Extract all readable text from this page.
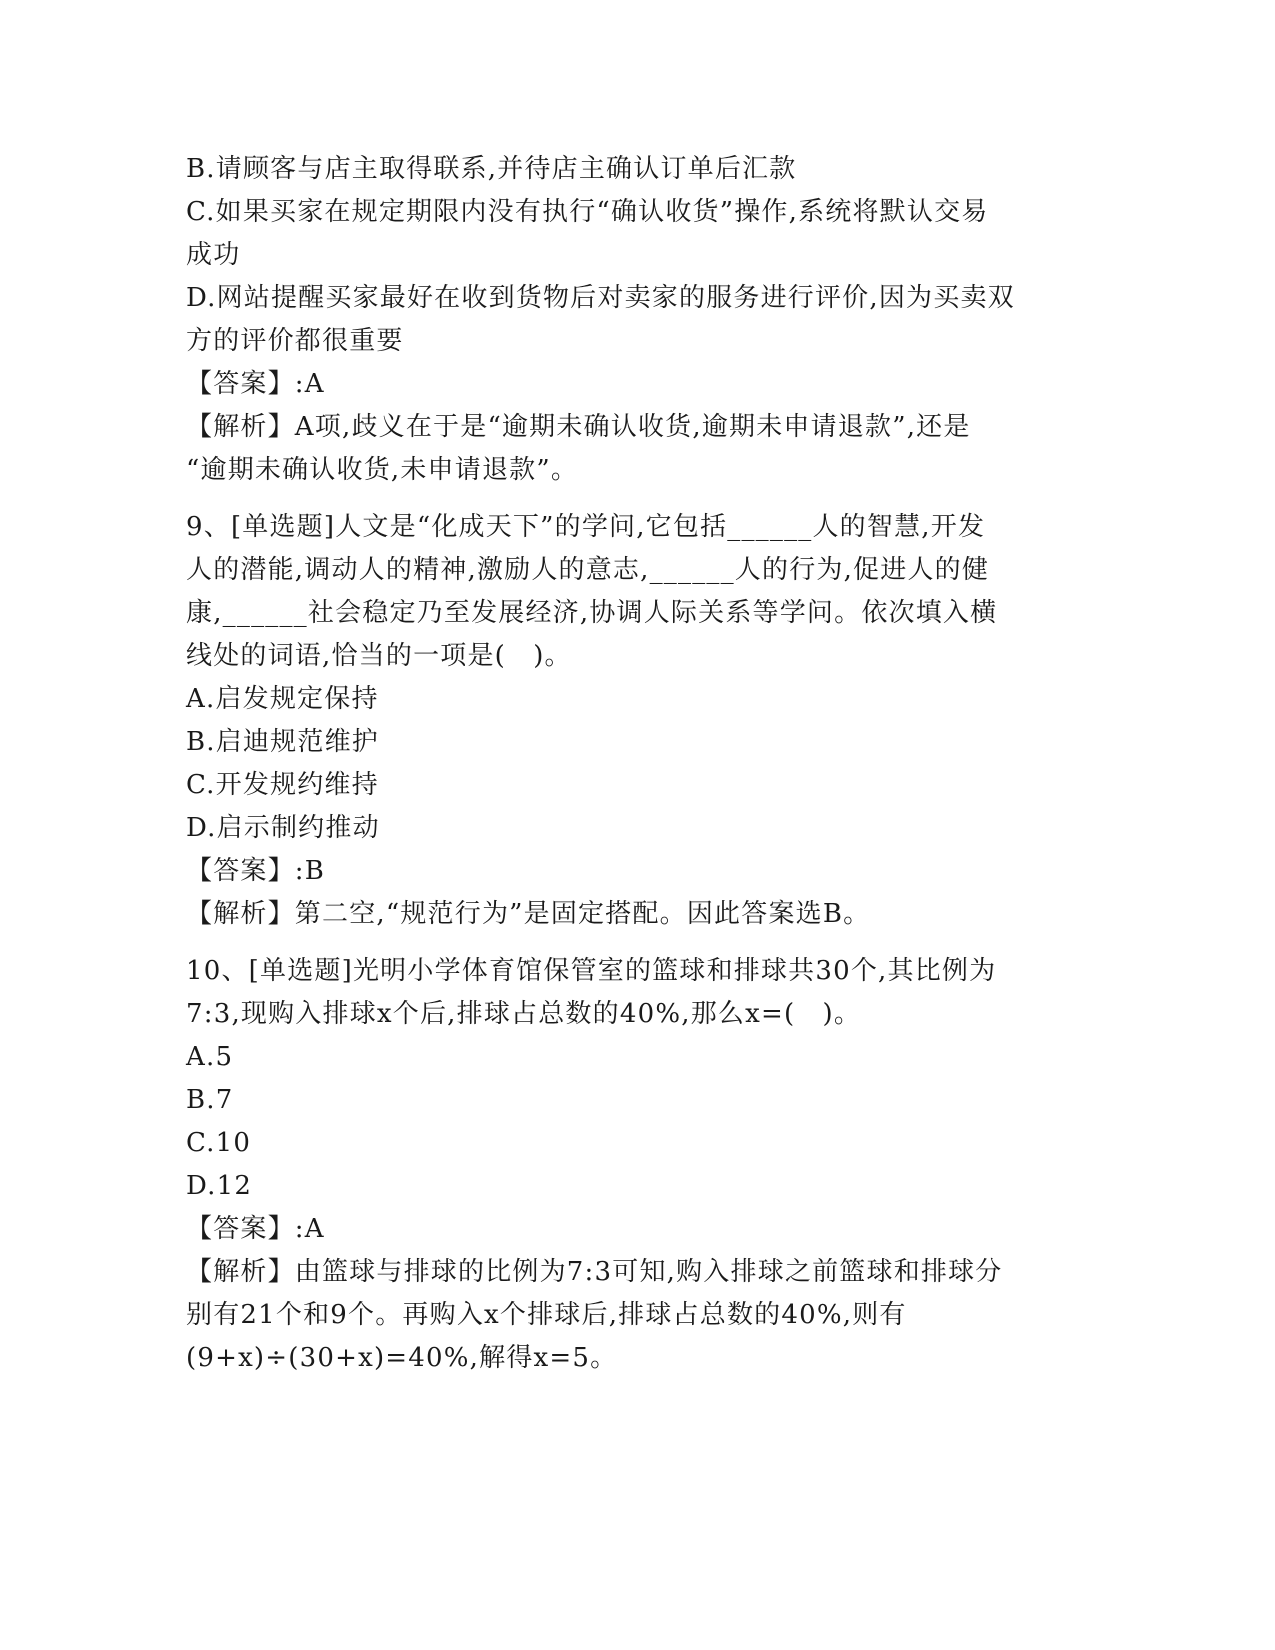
B.请顾客与店主取得联系,并待店主确认订单后汇款
C.如果买家在规定期限内没有执行“确认收货”操作,系统将默认交易
成功
D.网站提醒买家最好在收到货物后对卖家的服务进行评价,因为买卖双
方的评价都很重要
【答案】:A
【解析】A项,歧义在于是“逾期未确认收货,逾期未申请退款”,还是
“逾期未确认收货,未申请退款”。
9、[单选题]人文是“化成天下”的学问,它包括______人的智慧,开发
人的潜能,调动人的精神,激励人的意志,______人的行为,促进人的健
康,______社会稳定乃至发展经济,协调人际关系等学问。依次填入横
线处的词语,恰当的一项是(　)。
A.启发规定保持
B.启迪规范维护
C.开发规约维持
D.启示制约推动
【答案】:B
【解析】第二空,“规范行为”是固定搭配。因此答案选B。
10、[单选题]光明小学体育馆保管室的篮球和排球共30个,其比例为
7:3,现购入排球x个后,排球占总数的40%,那么x=(　)。
A.5
B.7
C.10
D.12
【答案】:A
【解析】由篮球与排球的比例为7:3可知,购入排球之前篮球和排球分
别有21个和9个。再购入x个排球后,排球占总数的40%,则有
(9+x)÷(30+x)=40%,解得x=5。
